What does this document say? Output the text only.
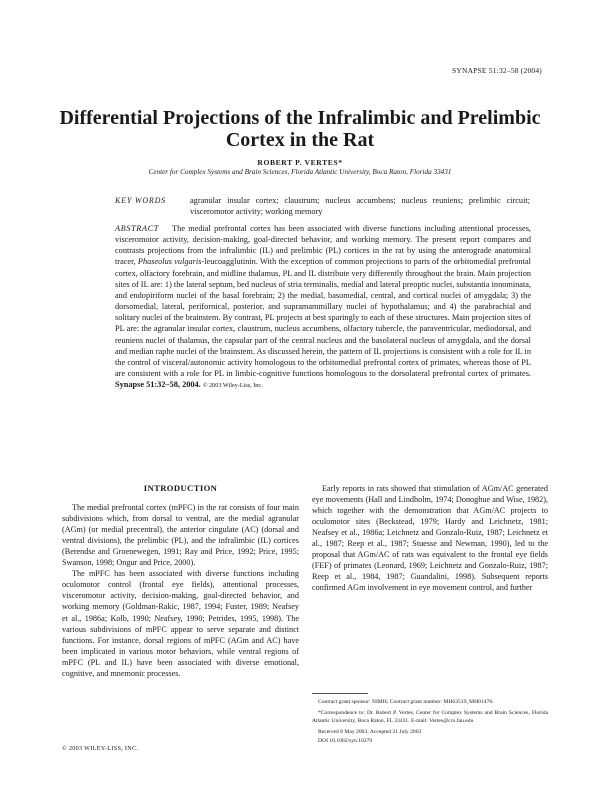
SYNAPSE 51:32–58 (2004)
Differential Projections of the Infralimbic and Prelimbic Cortex in the Rat
ROBERT P. VERTES*
Center for Complex Systems and Brain Sciences, Florida Atlantic University, Boca Raton, Florida 33431
KEY WORDS	agranular insular cortex; claustrum; nucleus accumbens; nucleus reuniens; prelimbic circuit; visceromotor activity; working memory
ABSTRACT The medial prefrontal cortex has been associated with diverse functions including attentional processes, visceromotor activity, decision-making, goal-directed behavior, and working memory. The present report compares and contrasts projections from the infralimbic (IL) and prelimbic (PL) cortices in the rat by using the anterograde anatomical tracer, Phaseolus vulgaris-leucoagglutinin. With the exception of common projections to parts of the orbitomedial prefrontal cortex, olfactory forebrain, and midline thalamus, PL and IL distribute very differently throughout the brain. Main projection sites of IL are: 1) the lateral septum, bed nucleus of stria terminalis, medial and lateral preoptic nuclei, substantia innominata, and endopiriform nuclei of the basal forebrain; 2) the medial, basomedial, central, and cortical nuclei of amygdala; 3) the dorsomedial, lateral, perifornical, posterior, and supramammillary nuclei of hypothalamus; and 4) the parabrachial and solitary nuclei of the brainstem. By contrast, PL projects at best sparingly to each of these structures. Main projection sites of PL are: the agranular insular cortex, claustrum, nucleus accumbens, olfactory tubercle, the paraventricular, mediodorsal, and reuniens nuclei of thalamus, the capsular part of the central nucleus and the basolateral nucleus of amygdala, and the dorsal and median raphe nuclei of the brainstem. As discussed herein, the pattern of IL projections is consistent with a role for IL in the control of visceral/autonomic activity homologous to the orbitomedial prefrontal cortex of primates, whereas those of PL are consistent with a role for PL in limbic-cognitive functions homologous to the dorsolateral prefrontal cortex of primates. Synapse 51:32–58, 2004. © 2003 Wiley-Liss, Inc.
INTRODUCTION

The medial prefrontal cortex (mPFC) in the rat consists of four main subdivisions which, from dorsal to ventral, are the medial agranular (AGm) (or medial precentral), the anterior cingulate (AC) (dorsal and ventral divisions), the prelimbic (PL), and the infralimbic (IL) cortices (Berendse and Groenewegen, 1991; Ray and Price, 1992; Price, 1995; Swanson, 1998; Ongur and Price, 2000).

The mPFC has been associated with diverse functions including oculomotor control (frontal eye fields), attentional processes, visceromotor activity, decision-making, goal-directed behavior, and working memory (Goldman-Rakic, 1987, 1994; Fuster, 1989; Neafsey et al., 1986a; Kolb, 1990; Neafsey, 1990; Petrides, 1995, 1998). The various subdivisions of mPFC appear to serve separate and distinct functions. For instance, dorsal regions of mPFC (AGm and AC) have been implicated in various motor behaviors, while ventral regions of mPFC (PL and IL) have been associated with diverse emotional, cognitive, and mnemonic processes.

Early reports in rats showed that stimulation of AGm/AC generated eye movements (Hall and Lindholm, 1974; Donoghue and Wise, 1982), which together with the demonstration that AGm/AC projects to oculomotor sites (Beckstead, 1979; Hardy and Leichnetz, 1981; Neafsey et al., 1986a; Leichnetz and Gonzalo-Ruiz, 1987; Leichnetz et al., 1987; Reep et al., 1987; Stuesse and Newman, 1990), led to the proposal that AGm/AC of rats was equivalent to the frontal eye fields (FEF) of primates (Leonard, 1969; Leichnetz and Gonzalo-Ruiz, 1987; Reep et al., 1984, 1987; Guandalini, 1998). Subsequent reports confirmed AGm involvement in eye movement control, and further

Contract grant sponsor: NIMH; Contract grant number: MH63519, MH01476.
*Correspondence to: Dr. Robert P. Vertes, Center for Complex Systems and Brain Sciences, Florida Atlantic University, Boca Raton, FL 33431. E-mail: Vertes@ccs.fau.edu
Received 8 May 2003; Accepted 31 July 2003
DOI 10.1002/syn.10279
© 2003 WILEY-LISS, INC.
